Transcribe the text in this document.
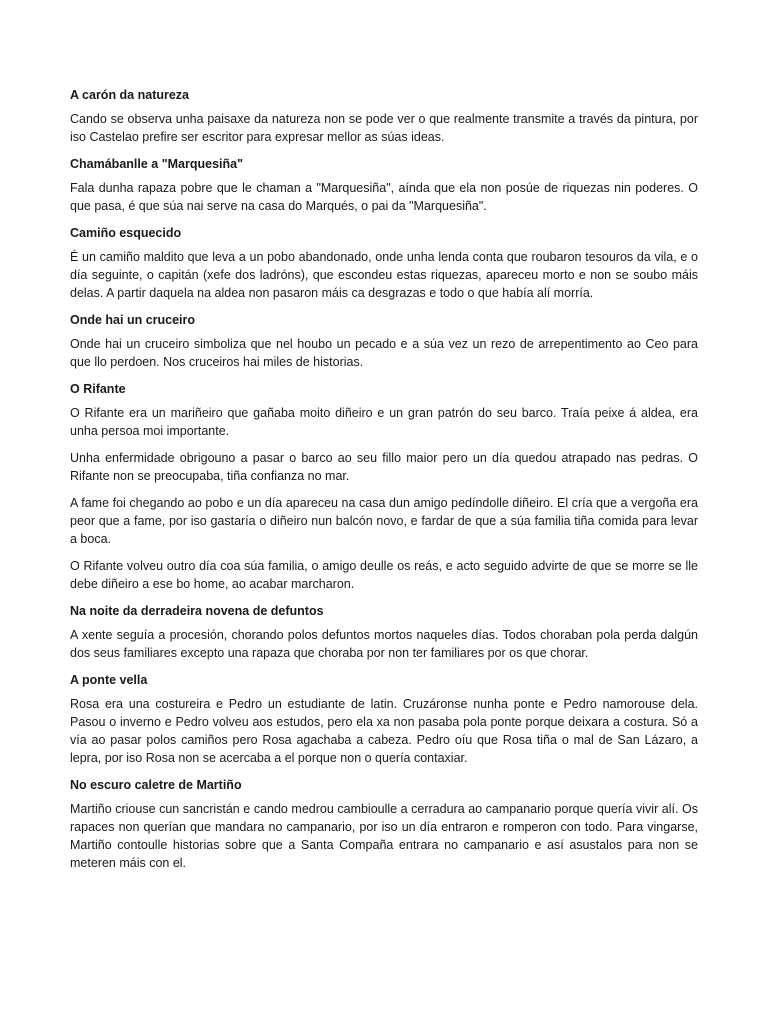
A carón da natureza

Cando se observa unha paisaxe da natureza non se pode ver o que realmente transmite a través da pintura, por iso Castelao prefire ser escritor para expresar mellor as súas ideas.

Chamábanlle a "Marquesiña"

Fala dunha rapaza pobre que le chaman a "Marquesiña", aínda que ela non posúe de riquezas nin poderes. O que pasa, é que súa nai serve na casa do Marqués, o pai da "Marquesiña".

Camiño esquecido

É un camiño maldito que leva a un pobo abandonado, onde unha lenda conta que roubaron tesouros da vila, e o día seguinte, o capitán (xefe dos ladróns), que escondeu estas riquezas, apareceu morto e non se soubo máis delas. A partir daquela na aldea non pasaron máis ca desgrazas e todo o que había alí morría.

Onde hai un cruceiro

Onde hai un cruceiro simboliza que nel houbo un pecado e a súa vez un rezo de arrepentimento ao Ceo para que llo perdoen. Nos cruceiros hai miles de historias.

O Rifante

O Rifante era un mariñeiro que gañaba moito diñeiro e un gran patrón do seu barco. Traía peixe á aldea, era unha persoa moi importante.

Unha enfermidade obrigouno a pasar o barco ao seu fillo maior pero un día quedou atrapado nas pedras. O Rifante non se preocupaba, tiña confianza no mar.

A fame foi chegando ao pobo e un día apareceu na casa dun amigo pedíndolle diñeiro. El cría que a vergoña era peor que a fame, por iso gastaría o diñeiro nun balcón novo, e fardar de que a súa familia tiña comida para levar a boca.

O Rifante volveu outro día coa súa familia, o amigo deulle os reás, e acto seguido advirte de que se morre se lle debe diñeiro a ese bo home, ao acabar marcharon.

Na noite da derradeira novena de defuntos

A xente seguía a procesión, chorando polos defuntos mortos naqueles días. Todos choraban pola perda dalgún dos seus familiares excepto una rapaza que choraba por non ter familiares por os que chorar.

A ponte vella

Rosa era una costureira e Pedro un estudiante de latin. Cruzáronse nunha ponte e Pedro namorouse dela. Pasou o inverno e Pedro volveu aos estudos, pero ela xa non pasaba pola ponte porque deixara a costura. Só a vía ao pasar polos camiños pero Rosa agachaba a cabeza. Pedro oíu que Rosa tiña o mal de San Lázaro, a lepra, por iso Rosa non se acercaba a el porque non o quería contaxiar.

No escuro caletre de Martiño

Martiño criouse cun sancristán e cando medrou cambioulle a cerradura ao campanario porque quería vivir alí. Os rapaces non querían que mandara no campanario, por iso un día entraron e romperon con todo. Para vingarse, Martiño contoulle historias sobre que a Santa Compaña entrara no campanario e así asustalos para non se meteren máis con el.
